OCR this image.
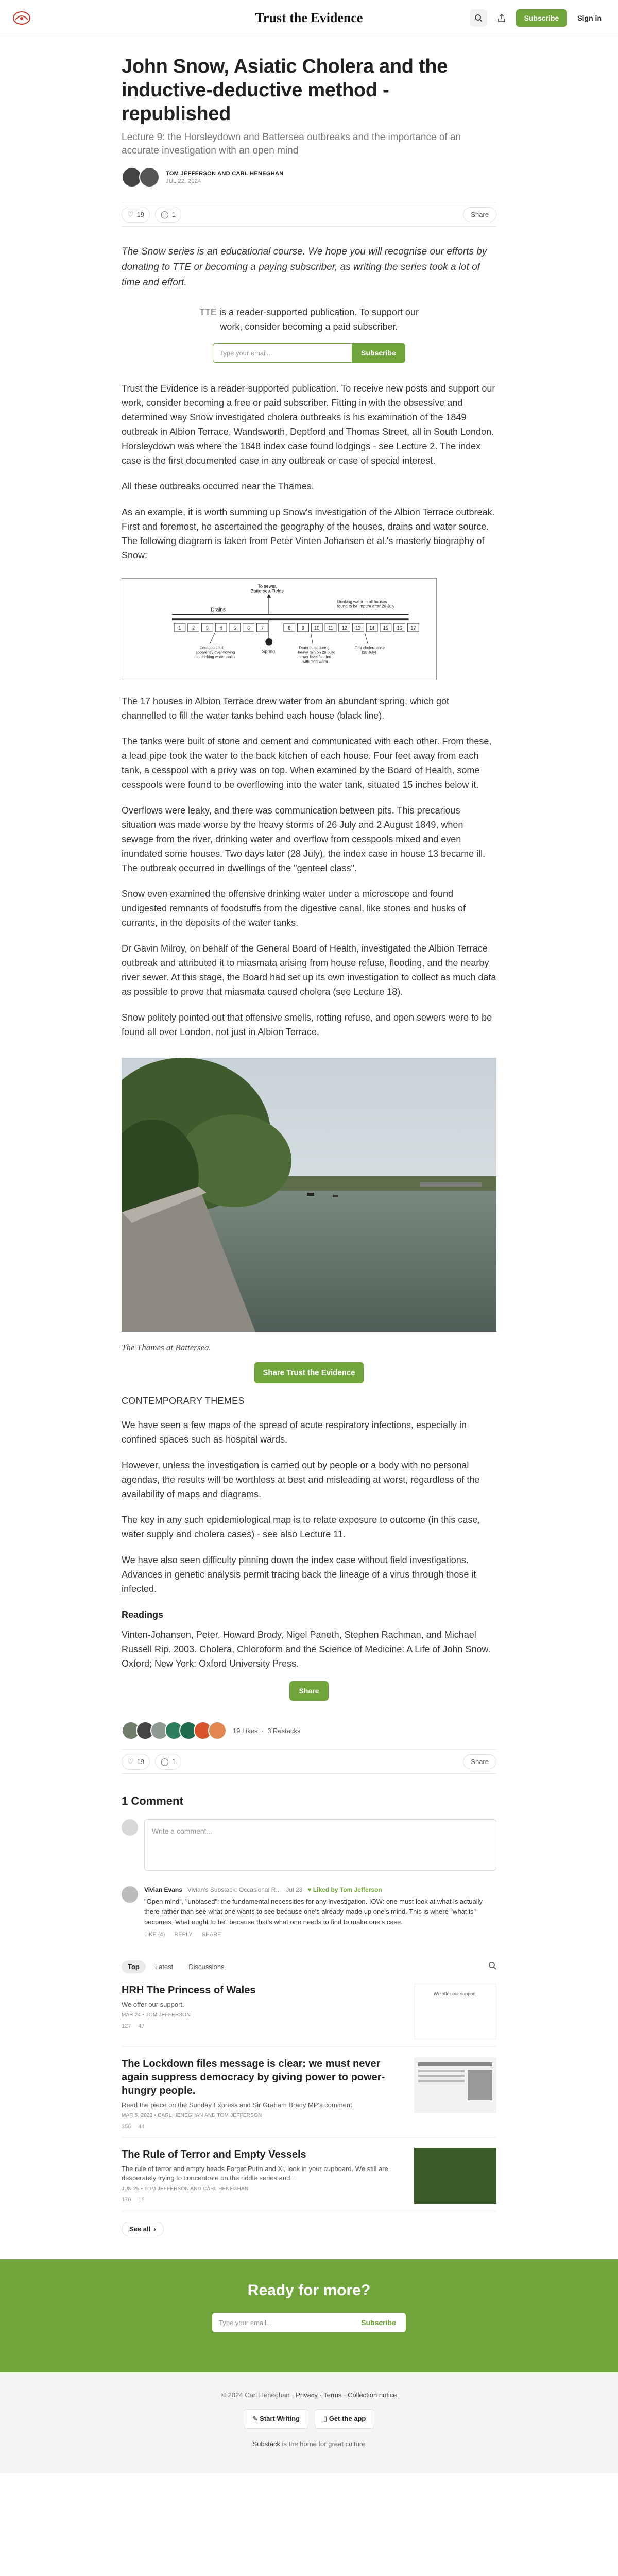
Trust the Evidence	Subscribe	Sign in
John Snow, Asiatic Cholera and the inductive-deductive method - republished
Lecture 9: the Horsleydown and Battersea outbreaks and the importance of an accurate investigation with an open mind
TOM JEFFERSON AND CARL HENEGHAN
JUL 22, 2024
♡ 19 ◯ 1	Share

The Snow series is an educational course. We hope you will recognise our efforts by donating to TTE or becoming a paying subscriber, as writing the series took a lot of time and effort.

TTE is a reader-supported publication. To support our work, consider becoming a paid subscriber.

Type your email...	Subscribe

Trust the Evidence is a reader-supported publication. To receive new posts and support our work, consider becoming a free or paid subscriber. Fitting in with the obsessive and determined way Snow investigated cholera outbreaks is his examination of the 1849 outbreak in Albion Terrace, Wandsworth, Deptford and Thomas Street, all in South London. Horsleydown was where the 1848 index case found lodgings - see Lecture 2. The index case is the first documented case in any outbreak or case of special interest.

All these outbreaks occurred near the Thames.

As an example, it is worth summing up Snow's investigation of the Albion Terrace outbreak. First and foremost, he ascertained the geography of the houses, drains and water source. The following diagram is taken from Peter Vinten Johansen et al.'s masterly biography of Snow:

To sewer,
Battersea Fields
Drains
Drinking water in all houses
found to be impure after 26 July
1 2 3 4 5 6 7	8 9 10 11 12 13 14 15 16 17
Spring
Cesspools full,
apparently over-flowing
into drinking water tanks
Drain burst during
heavy rain on 26 July;
sewer level flooded
with fetid water
First cholera case
(28 July)

The 17 houses in Albion Terrace drew water from an abundant spring, which got channelled to fill the water tanks behind each house (black line).

The tanks were built of stone and cement and communicated with each other. From these, a lead pipe took the water to the back kitchen of each house. Four feet away from each tank, a cesspool with a privy was on top. When examined by the Board of Health, some cesspools were found to be overflowing into the water tank, situated 15 inches below it.

Overflows were leaky, and there was communication between pits. This precarious situation was made worse by the heavy storms of 26 July and 2 August 1849, when sewage from the river, drinking water and overflow from cesspools mixed and even inundated some houses. Two days later (28 July), the index case in house 13 became ill. The outbreak occurred in dwellings of the "genteel class".

Snow even examined the offensive drinking water under a microscope and found undigested remnants of foodstuffs from the digestive canal, like stones and husks of currants, in the deposits of the water tanks.

Dr Gavin Milroy, on behalf of the General Board of Health, investigated the Albion Terrace outbreak and attributed it to miasmata arising from house refuse, flooding, and the nearby river sewer. At this stage, the Board had set up its own investigation to collect as much data as possible to prove that miasmata caused cholera (see Lecture 18).

Snow politely pointed out that offensive smells, rotting refuse, and open sewers were to be found all over London, not just in Albion Terrace.

The Thames at Battersea.
Share Trust the Evidence
CONTEMPORARY THEMES

We have seen a few maps of the spread of acute respiratory infections, especially in confined spaces such as hospital wards.

However, unless the investigation is carried out by people or a body with no personal agendas, the results will be worthless at best and misleading at worst, regardless of the availability of maps and diagrams.

The key in any such epidemiological map is to relate exposure to outcome (in this case, water supply and cholera cases) - see also Lecture 11.

We have also seen difficulty pinning down the index case without field investigations. Advances in genetic analysis permit tracing back the lineage of a virus through those it infected.

Readings

Vinten-Johansen, Peter, Howard Brody, Nigel Paneth, Stephen Rachman, and Michael Russell Rip. 2003. Cholera, Chloroform and the Science of Medicine: A Life of John Snow. Oxford; New York: Oxford University Press.

Share
19 Likes  ·  3 Restacks
♡ 19 ◯ 1	Share
1 Comment
Write a comment...
Vivian Evans Vivian's Substack: Occasional R... Jul 23 ♥ Liked by Tom Jefferson
"Open mind", "unbiased": the fundamental necessities for any investigation. IOW: one must look at what is actually there rather than see what one wants to see because one's already made up one's mind. This is where "what is" becomes "what ought to be" because that's what one needs to find to make one's case.
LIKE (4) REPLY SHARE
Top	Latest	Discussions
HRH The Princess of Wales
We offer our support.
MAR 24 • TOM JEFFERSON
127 47
We offer our support.
The Lockdown files message is clear: we must never again suppress democracy by giving power to power-hungry people.
Read the piece on the Sunday Express and Sir Graham Brady MP's comment
MAR 5, 2023 • CARL HENEGHAN AND TOM JEFFERSON
356 44
The Rule of Terror and Empty Vessels
The rule of terror and empty heads Forget Putin and Xi, look in your cupboard. We still are desperately trying to concentrate on the riddle series and...
JUN 25 • TOM JEFFERSON AND CARL HENEGHAN
170 18
See all ›
Ready for more?
Type your email...	Subscribe
© 2024 Carl Heneghan · Privacy · Terms · Collection notice
✎ Start Writing	▯ Get the app
Substack is the home for great culture
